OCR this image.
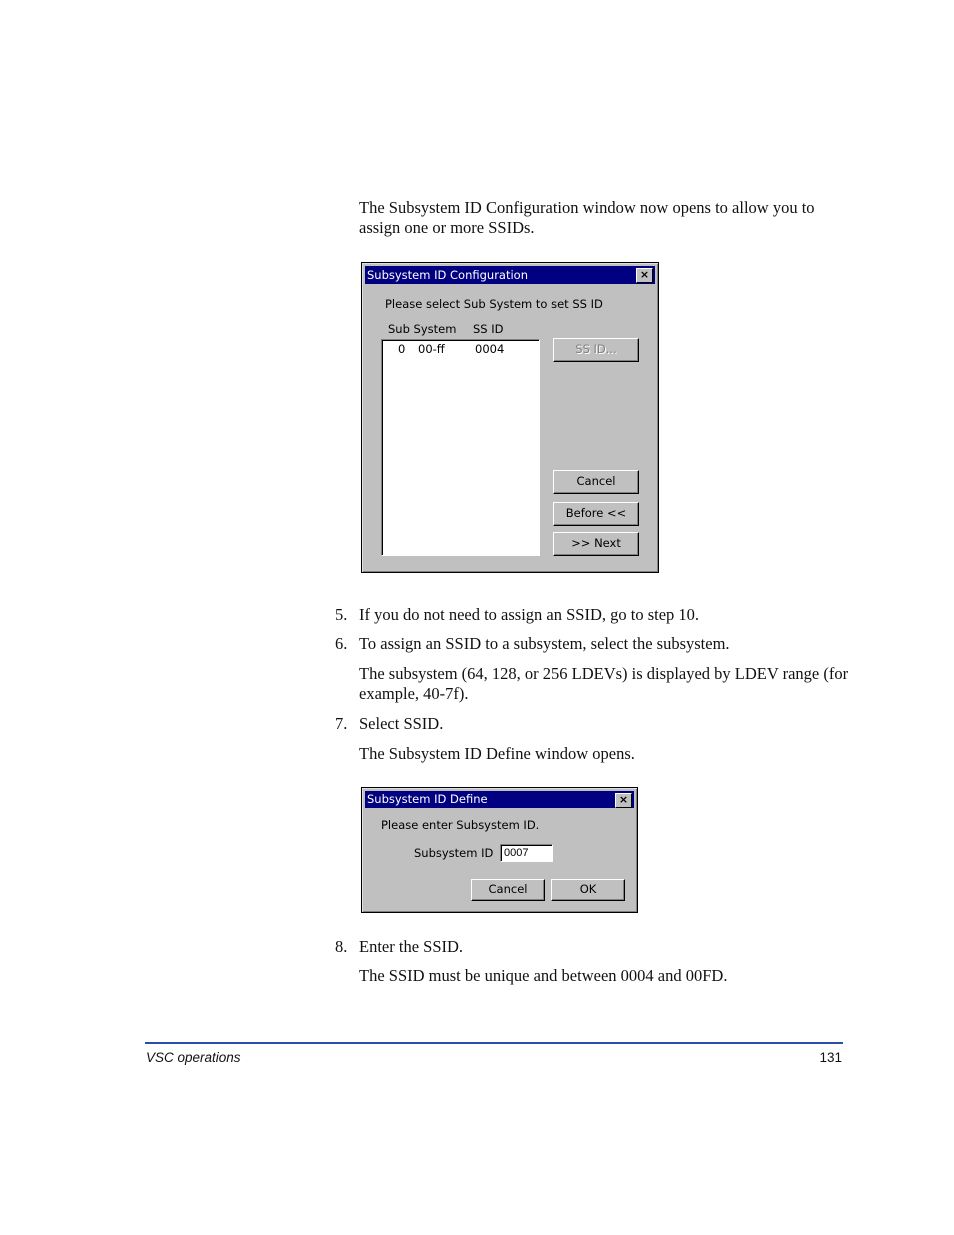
The Subsystem ID Configuration window now opens to allow you to assign one or more SSIDs.

Subsystem ID Configuration	×
Please select Sub System to set SS ID
Sub System SS ID
0 00-ff	0004	SS ID...
Cancel
Before <<
>> Next
5. If you do not need to assign an SSID, go to step 10.

6. To assign an SSID to a subsystem, select the subsystem.

The subsystem (64, 128, or 256 LDEVs) is displayed by LDEV range (for example, 40-7f).

7. Select SSID.

The Subsystem ID Define window opens.

Subsystem ID Define	×
Please enter Subsystem ID.
Subsystem ID
0007
Cancel	OK
8. Enter the SSID.

The SSID must be unique and between 0004 and 00FD.

VSC operations	131
